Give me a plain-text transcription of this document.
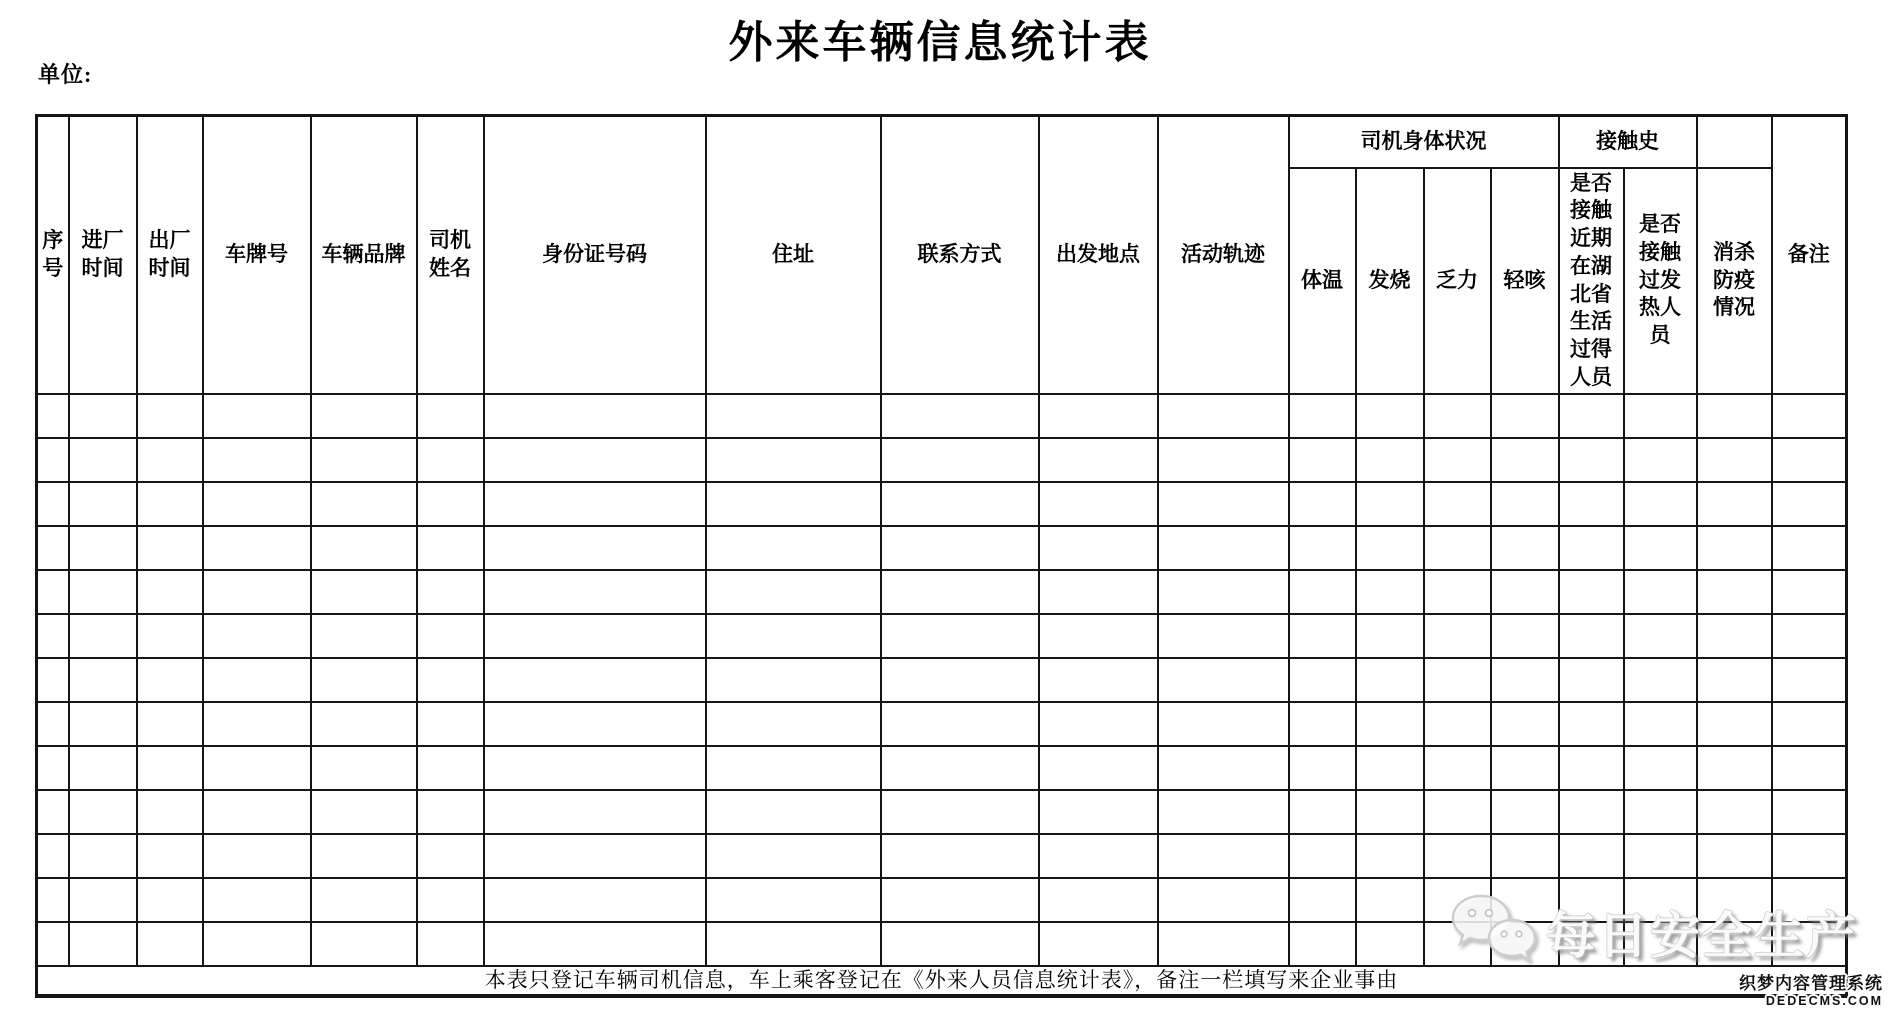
外来车辆信息统计表
单位:
序号	进厂时间	出厂时间	车牌号	车辆品牌	司机姓名	身份证号码	住址	联系方式	出发地点	活动轨迹	司机身体状况				接触史			备注
											体温	发烧	乏力	轻咳	是否接触近期在湖北省生活过得人员	是否接触过发热人员	消杀防疫情况	

本表只登记车辆司机信息，车上乘客登记在《外来人员信息统计表》，备注一栏填写来企业事由																		
每日安全生产
织梦内容管理系统
DEDECMS.COM
